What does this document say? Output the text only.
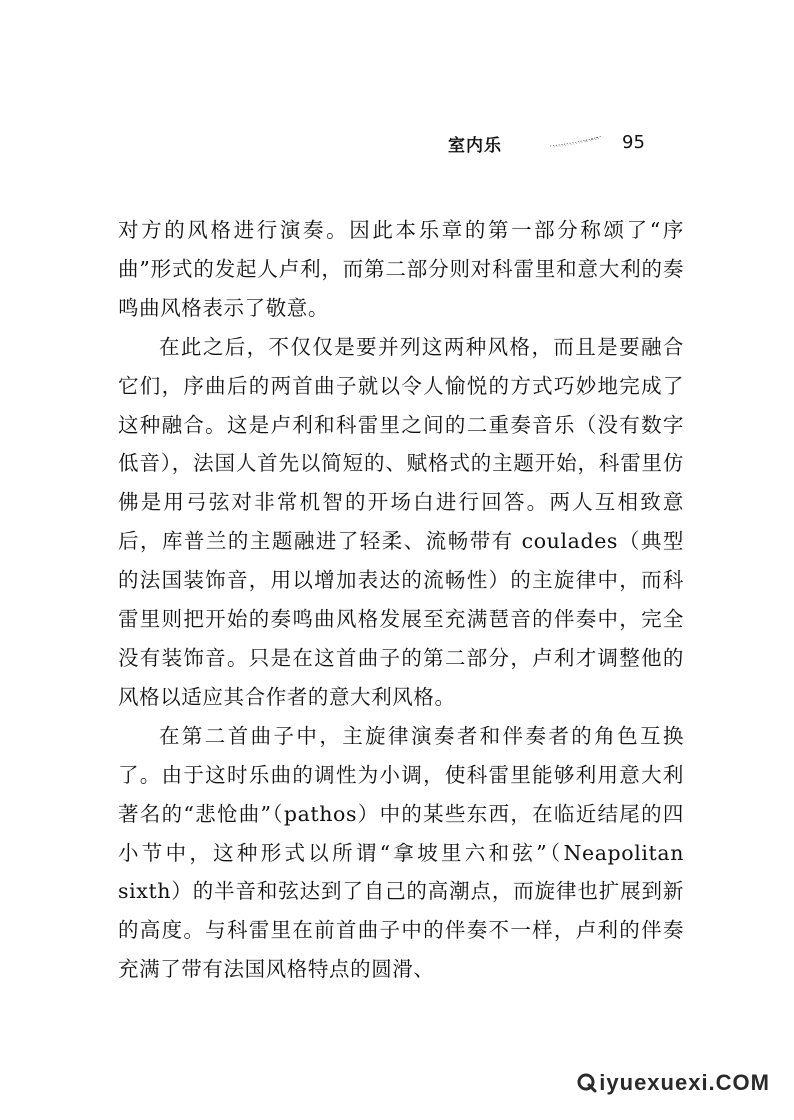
室内乐	95

对方的风格进行演奏。因此本乐章的第一部分称颂了“序曲”形式的发起人卢利，而第二部分则对科雷里和意大利的奏鸣曲风格表示了敬意。

在此之后，不仅仅是要并列这两种风格，而且是要融合它们，序曲后的两首曲子就以令人愉悦的方式巧妙地完成了这种融合。这是卢利和科雷里之间的二重奏音乐（没有数字低音），法国人首先以简短的、赋格式的主题开始，科雷里仿佛是用弓弦对非常机智的开场白进行回答。两人互相致意后，库普兰的主题融进了轻柔、流畅带有 coulades（典型的法国装饰音，用以增加表达的流畅性）的主旋律中，而科雷里则把开始的奏鸣曲风格发展至充满琶音的伴奏中，完全没有装饰音。只是在这首曲子的第二部分，卢利才调整他的风格以适应其合作者的意大利风格。

在第二首曲子中，主旋律演奏者和伴奏者的角色互换了。由于这时乐曲的调性为小调，使科雷里能够利用意大利著名的“悲怆曲”（pathos）中的某些东西，在临近结尾的四小节中，这种形式以所谓“拿坡里六和弦”（Neapolitan sixth）的半音和弦达到了自己的高潮点，而旋律也扩展到新的高度。与科雷里在前首曲子中的伴奏不一样，卢利的伴奏充满了带有法国风格特点的圆滑、

iyuexuexi.COM
